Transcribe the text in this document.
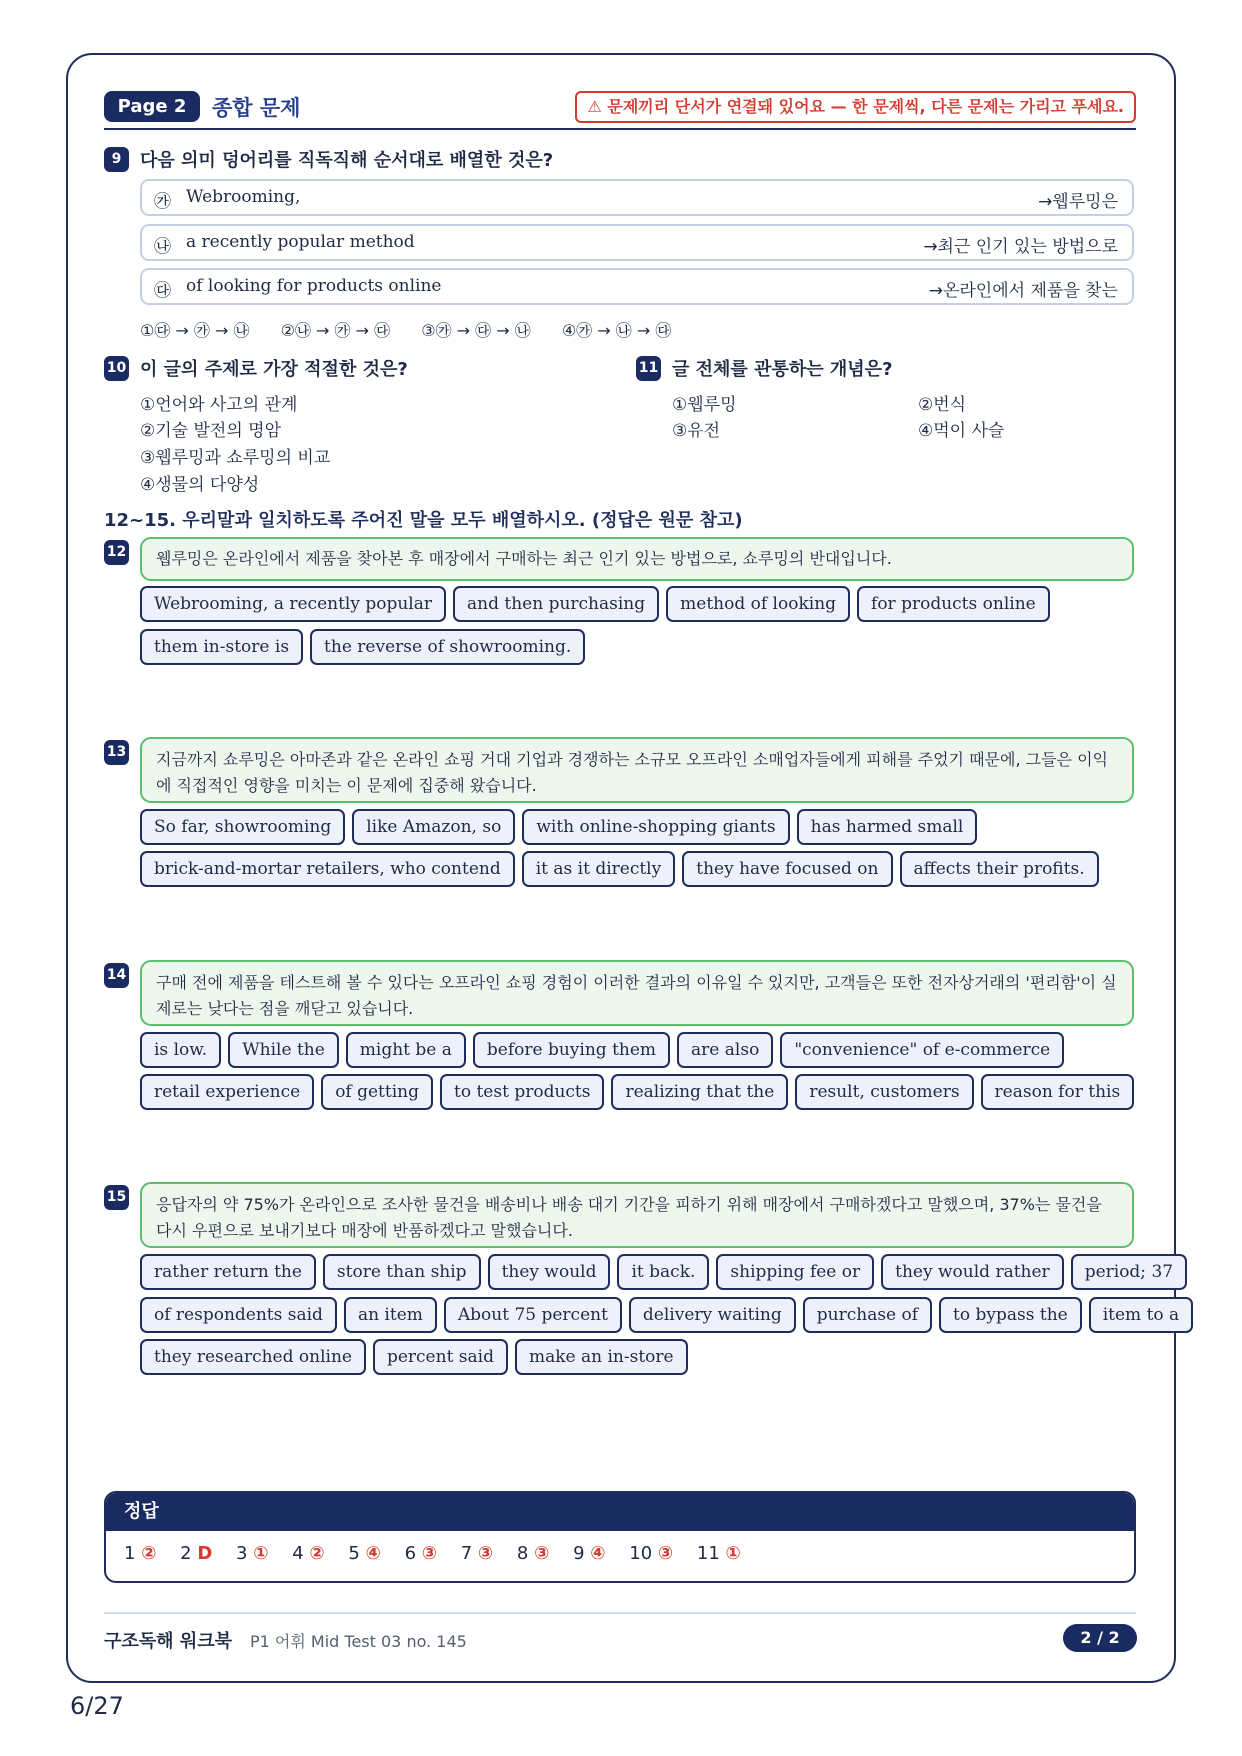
Page 2	종합 문제	⚠ 문제끼리 단서가 연결돼 있어요 — 한 문제씩, 다른 문제는 가리고 푸세요.
9	다음 의미 덩어리를 직독직해 순서대로 배열한 것은?
㉮ Webrooming,	→웹루밍은
㉯ a recently popular method	→최근 인기 있는 방법으로
㉰ of looking for products online	→온라인에서 제품을 찾는
①㉰ → ㉮ → ㉯ ②㉯ → ㉮ → ㉰ ③㉮ → ㉰ → ㉯ ④㉮ → ㉯ → ㉰
10 이 글의 주제로 가장 적절한 것은?
①언어와 사고의 관계
②기술 발전의 명암
③웹루밍과 쇼루밍의 비교
④생물의 다양성
11 글 전체를 관통하는 개념은?
①웹루밍	②번식
③유전	④먹이 사슬
12~15. 우리말과 일치하도록 주어진 말을 모두 배열하시오. (정답은 원문 참고)
12	웹루밍은 온라인에서 제품을 찾아본 후 매장에서 구매하는 최근 인기 있는 방법으로, 쇼루밍의 반대입니다.
Webrooming, a recently popular	and then purchasing	method of looking	for products online
them in-store is	the reverse of showrooming.
13	지금까지 쇼루밍은 아마존과 같은 온라인 쇼핑 거대 기업과 경쟁하는 소규모 오프라인 소매업자들에게 피해를 주었기 때문에, 그들은 이익에 직접적인 영향을 미치는 이 문제에 집중해 왔습니다.
So far, showrooming	like Amazon, so	with online-shopping giants	has harmed small
brick-and-mortar retailers, who contend	it as it directly	they have focused on	affects their profits.
14	구매 전에 제품을 테스트해 볼 수 있다는 오프라인 쇼핑 경험이 이러한 결과의 이유일 수 있지만, 고객들은 또한 전자상거래의 '편리함'이 실제로는 낮다는 점을 깨닫고 있습니다.
is low.	While the	might be a	before buying them	are also	"convenience" of e-commerce
retail experience	of getting	to test products	realizing that the	result, customers	reason for this
15	응답자의 약 75%가 온라인으로 조사한 물건을 배송비나 배송 대기 기간을 피하기 위해 매장에서 구매하겠다고 말했으며, 37%는 물건을 다시 우편으로 보내기보다 매장에 반품하겠다고 말했습니다.
rather return the	store than ship	they would	it back.	shipping fee or	they would rather	period; 37
of respondents said	an item	About 75 percent	delivery waiting	purchase of	to bypass the	item to a
they researched online	percent said	make an in-store
정답
1 ② 2 D 3 ① 4 ② 5 ④ 6 ③ 7 ③ 8 ③ 9 ④ 10 ③ 11 ①
구조독해 워크북 P1 어휘 Mid Test 03 no. 145	2 / 2
6/27
